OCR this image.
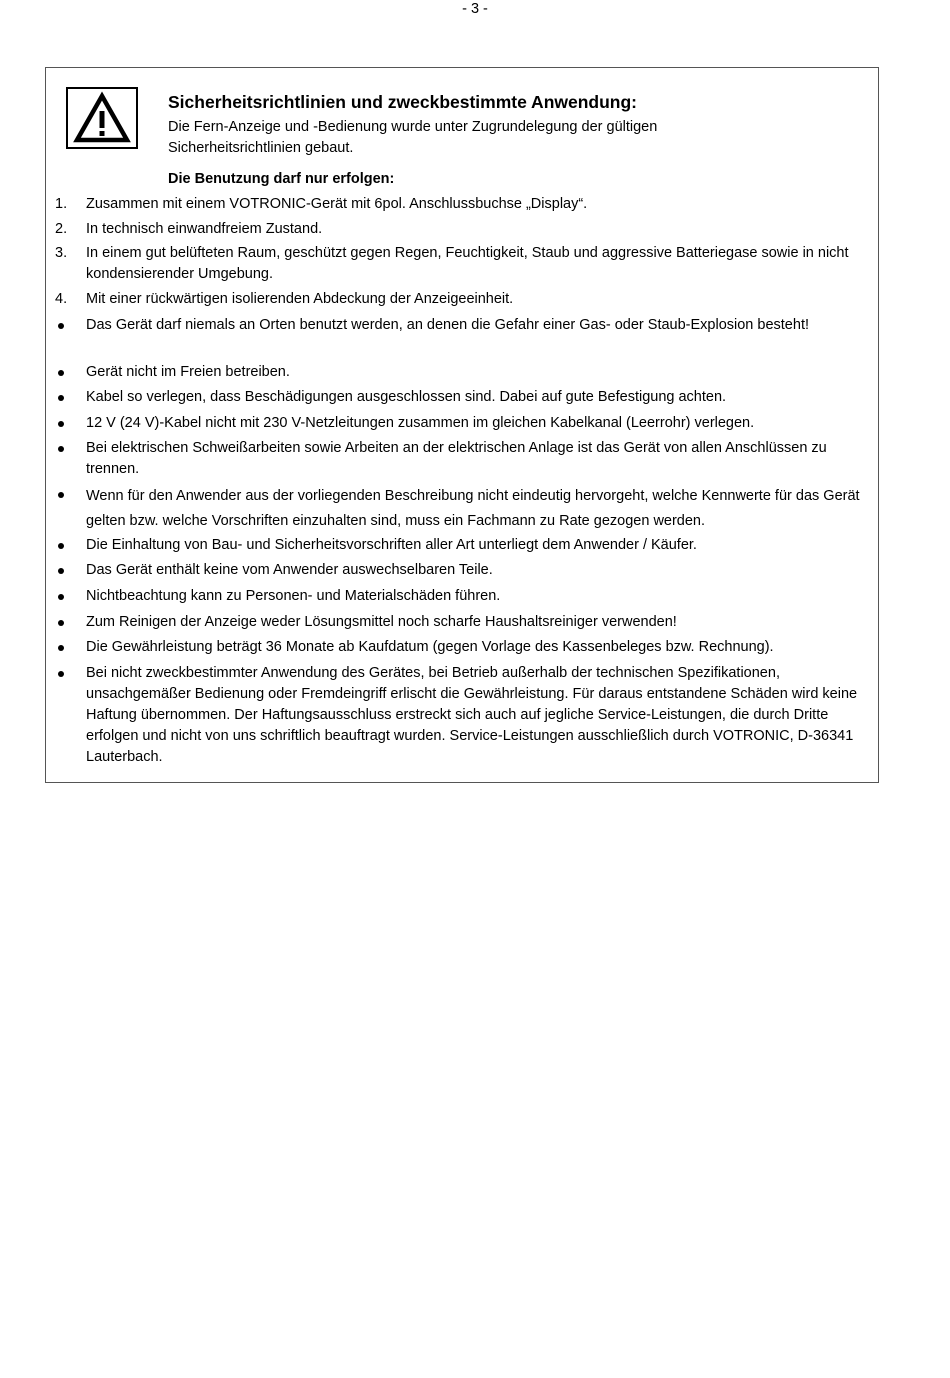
- 3 -
Sicherheitsrichtlinien und zweckbestimmte Anwendung:
Die Fern-Anzeige und -Bedienung wurde unter Zugrundelegung der gültigen Sicherheitsrichtlinien gebaut.
Die Benutzung darf nur erfolgen:
1.	Zusammen mit einem VOTRONIC-Gerät mit 6pol. Anschlussbuchse „Display“.
2.	In technisch einwandfreiem Zustand.
3.	In einem gut belüfteten Raum, geschützt gegen Regen, Feuchtigkeit, Staub und aggressive Batteriegase sowie in nicht kondensierender Umgebung.
4.	Mit einer rückwärtigen isolierenden Abdeckung der Anzeigeeinheit.
Das Gerät darf niemals an Orten benutzt werden, an denen die Gefahr einer Gas- oder Staub-Explosion besteht!
Gerät nicht im Freien betreiben.
Kabel so verlegen, dass Beschädigungen ausgeschlossen sind. Dabei auf gute Befestigung achten.
12 V (24 V)-Kabel nicht mit 230 V-Netzleitungen zusammen im gleichen Kabelkanal (Leerrohr) verlegen.
Bei elektrischen Schweißarbeiten sowie Arbeiten an der elektrischen Anlage ist das Gerät von allen Anschlüssen zu trennen.
Wenn für den Anwender aus der vorliegenden Beschreibung nicht eindeutig hervorgeht, welche Kennwerte für das Gerät gelten bzw. welche Vorschriften einzuhalten sind, muss ein Fachmann zu Rate gezogen werden.
Die Einhaltung von Bau- und Sicherheitsvorschriften aller Art unterliegt dem Anwender / Käufer.
Das Gerät enthält keine vom Anwender auswechselbaren Teile.
Nichtbeachtung kann zu Personen- und Materialschäden führen.
Zum Reinigen der Anzeige weder Lösungsmittel noch scharfe Haushaltsreiniger verwenden!
Die Gewährleistung beträgt 36 Monate ab Kaufdatum (gegen Vorlage des Kassenbeleges bzw. Rechnung).
Bei nicht zweckbestimmter Anwendung des Gerätes, bei Betrieb außerhalb der technischen Spezifikationen, unsachgemäßer Bedienung oder Fremdeingriff erlischt die Gewährleistung. Für daraus entstandene Schäden wird keine Haftung übernommen. Der Haftungsausschluss erstreckt sich auch auf jegliche Service-Leistungen, die durch Dritte erfolgen und nicht von uns schriftlich beauftragt wurden. Service-Leistungen ausschließlich durch VOTRONIC, D-36341 Lauterbach.
